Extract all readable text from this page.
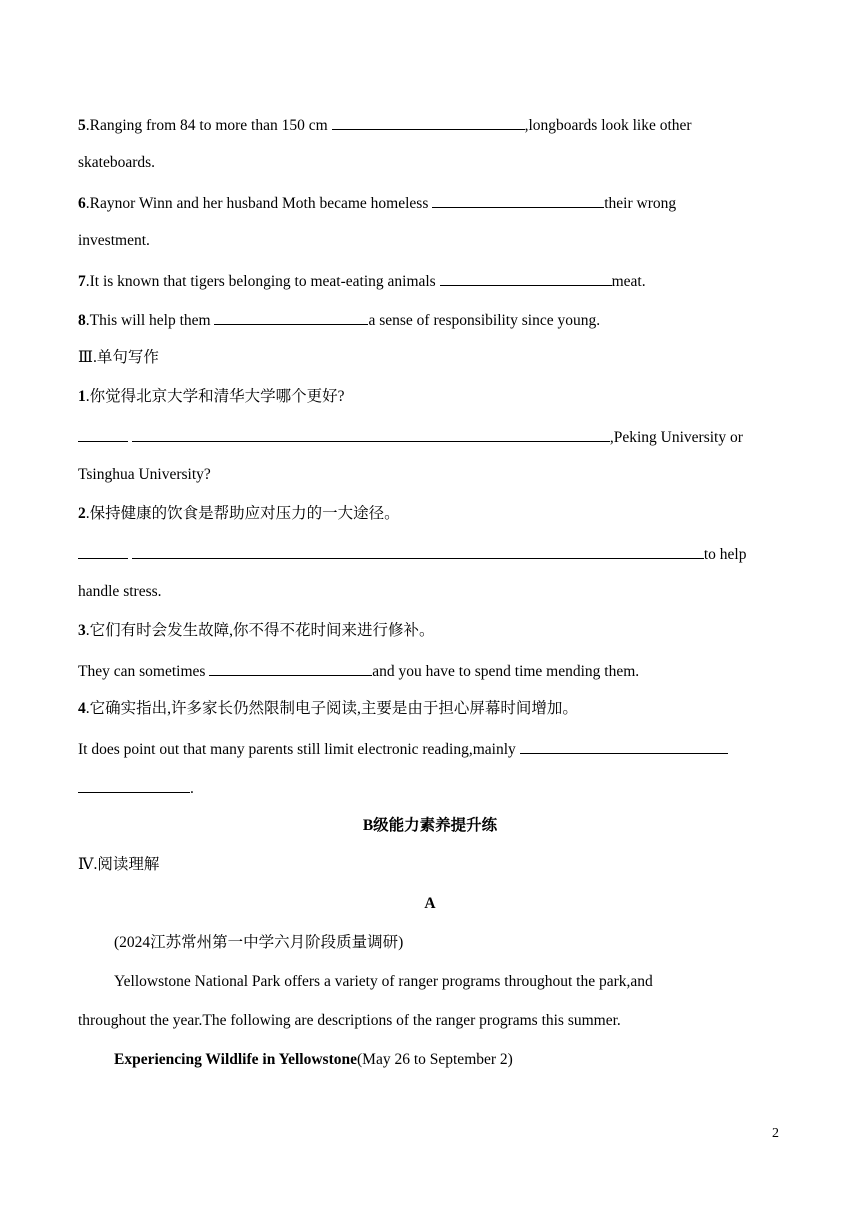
5.Ranging from 84 to more than 150 cm	,longboards look like other
skateboards.
6.Raynor Winn and her husband Moth became homeless	their wrong
investment.
7.It is known that tigers belonging to meat-eating animals	meat.
8.This will help them	a sense of responsibility since young.
Ⅲ.单句写作
1.你觉得北京大学和清华大学哪个更好?
,Peking University or
Tsinghua University?
2.保持健康的饮食是帮助应对压力的一大途径。
to help
handle stress.
3.它们有时会发生故障,你不得不花时间来进行修补。
They can sometimes	and you have to spend time mending them.
4.它确实指出,许多家长仍然限制电子阅读,主要是由于担心屏幕时间增加。
It does point out that many parents still limit electronic reading,mainly
.
B级能力素养提升练
Ⅳ.阅读理解
A
(2024江苏常州第一中学六月阶段质量调研)
Yellowstone National Park offers a variety of ranger programs throughout the park,and
throughout the year.The following are descriptions of the ranger programs this summer.
Experiencing Wildlife in Yellowstone(May 26 to September 2)
2
